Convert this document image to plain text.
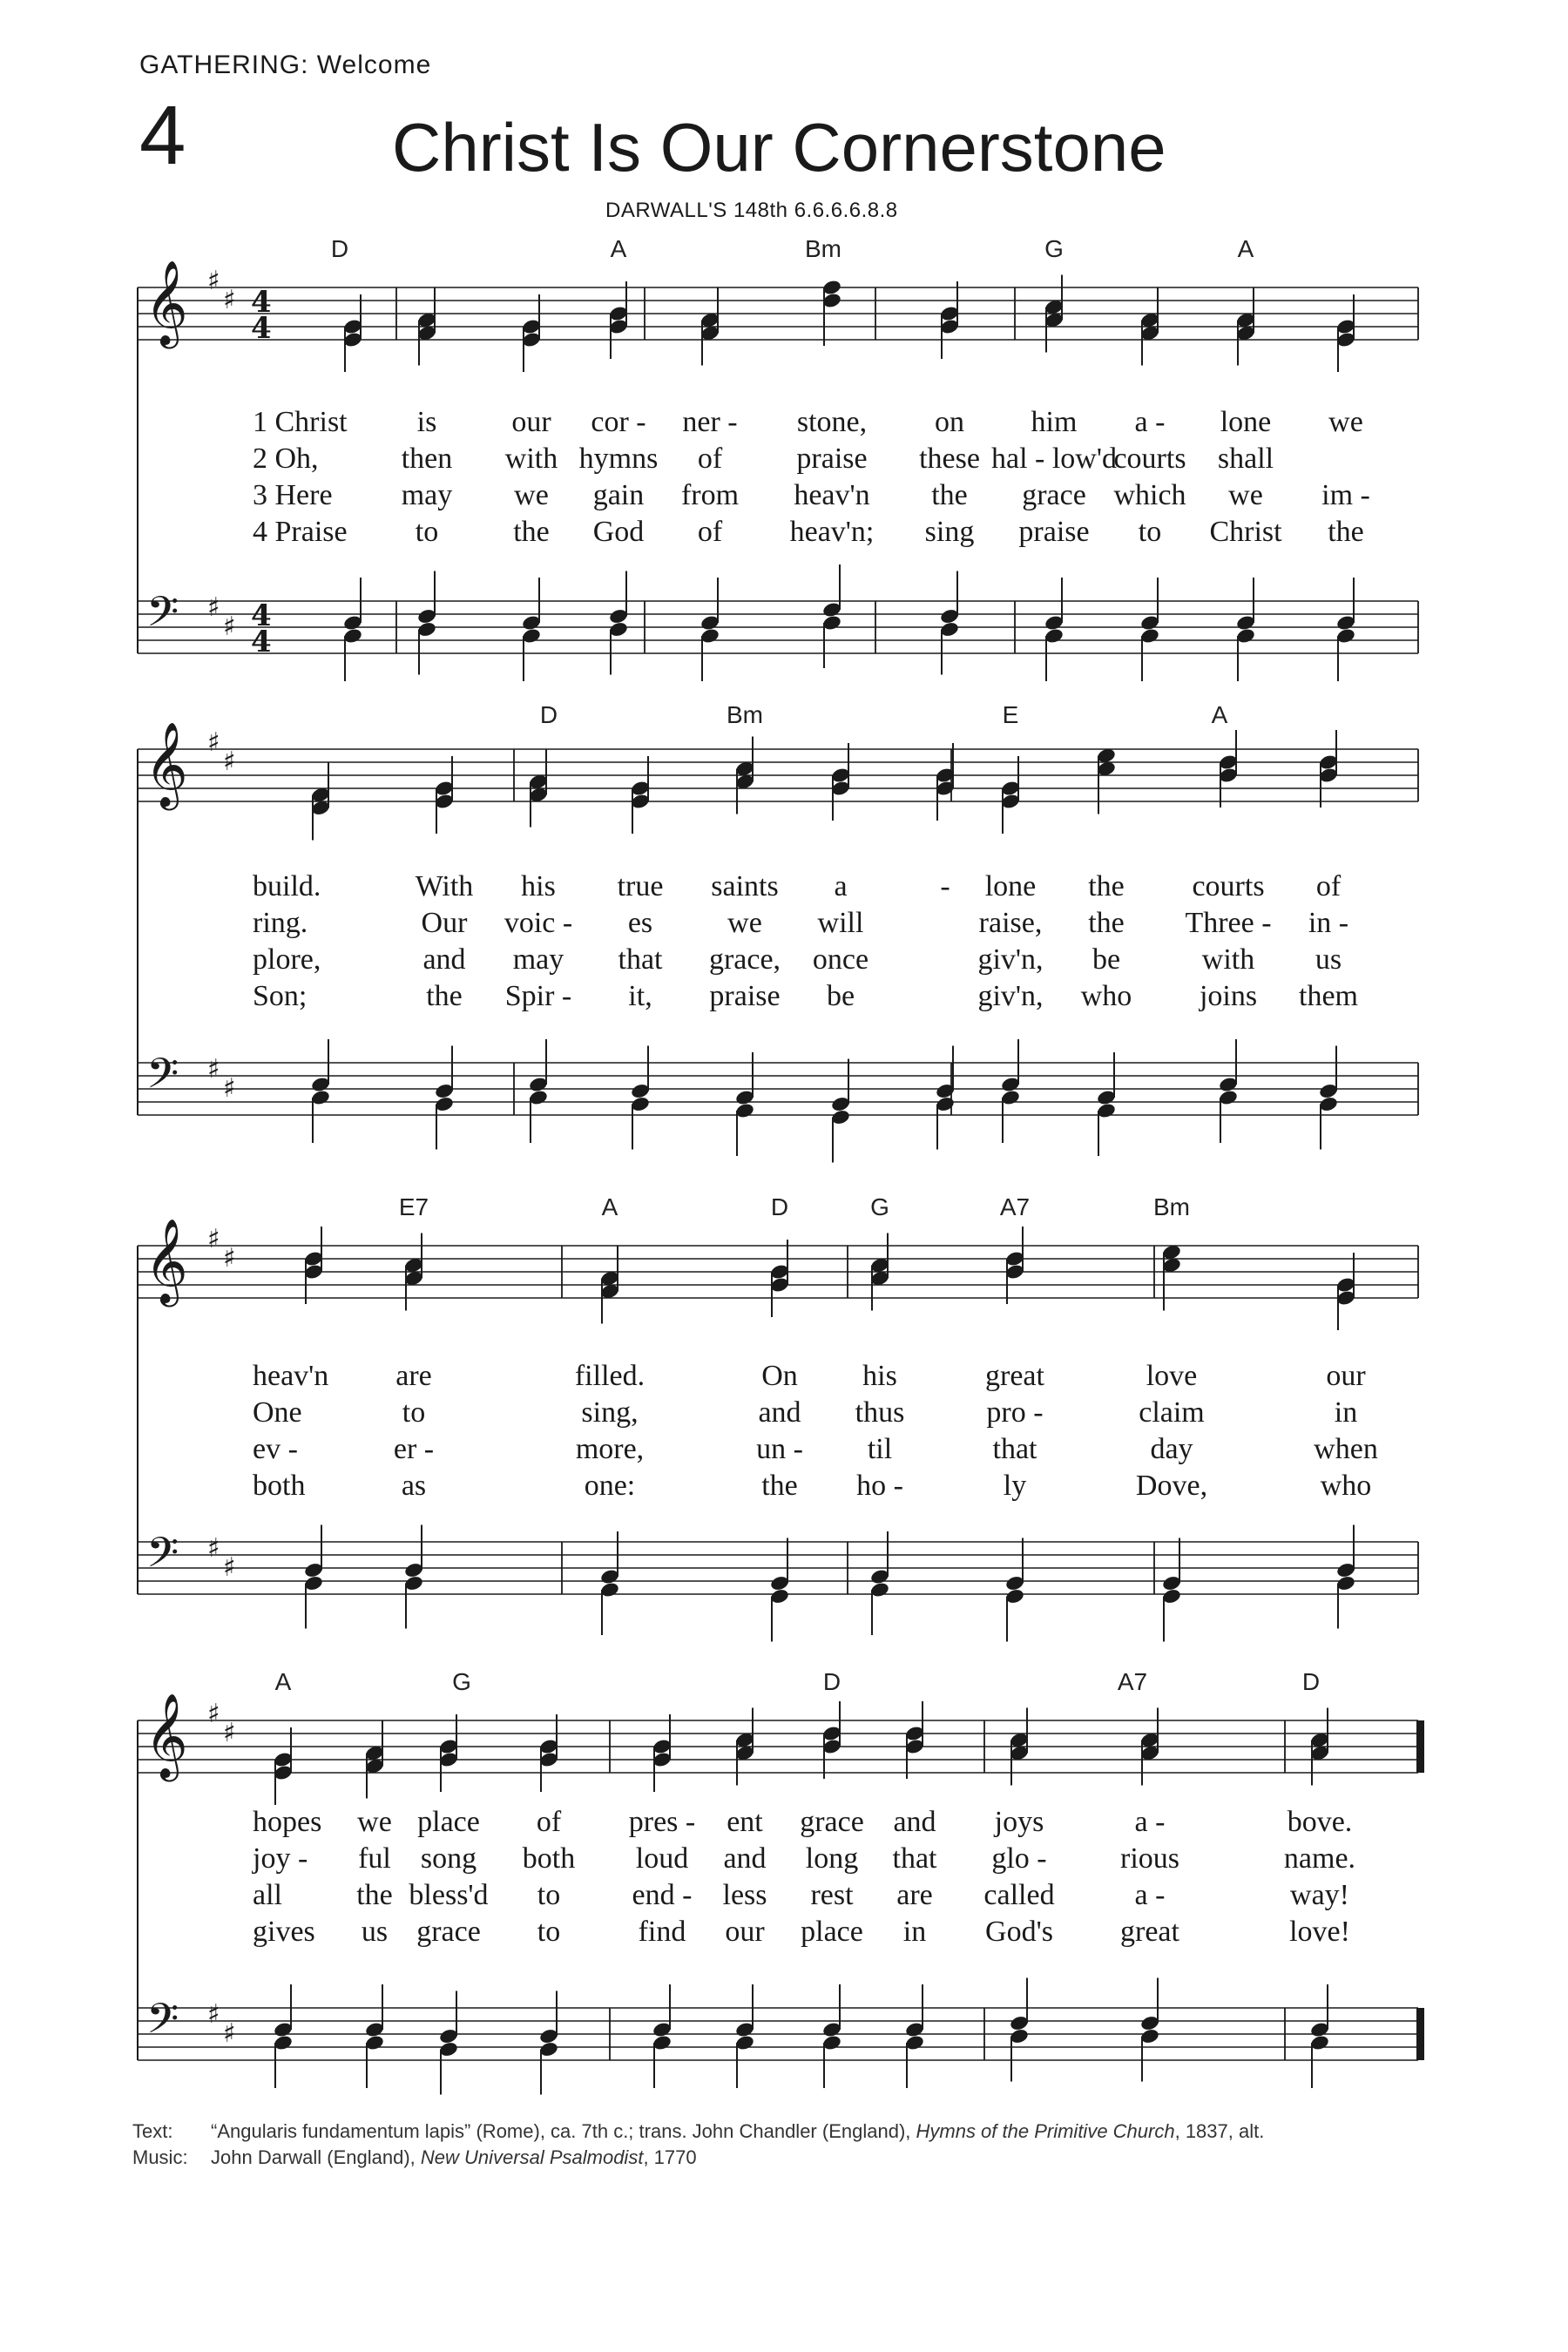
GATHERING: Welcome
4	Christ Is Our Cornerstone
DARWALL'S 148th 6.6.6.6.8.8
𝄞
𝄢
♯
♯
♯
♯
4
4
4
4
D	A	Bm	G	A
1 Christ is	our cor - ner - stone, on him a - lone we
2 Oh,	then with hymns of	praise these hal - low'd
courts shall
3 Here may we gain from heav'n the grace which we im -
4 Praise to	the God of heav'n; sing praise to Christ the
𝄞
𝄢
♯
♯
♯
♯
D	Bm	E	A
build.	With his true saints a	- lone the courts of
ring.	Our voic - es	we will	raise, the Three - in -
plore,	and may that grace, once	giv'n, be	with us
Son;	the Spir - it, praise be	giv'n, who joins them
𝄞
𝄢
♯
♯
♯
♯
E7	A	D	G	A7	Bm
heav'n are	filled.	On his	great	love	our
One	to	sing,	and thus	pro -	claim	in
ev -	er -	more,	un - til	that	day	when
both	as	one:	the ho -	ly	Dove,	who
𝄞
𝄢
♯
♯
♯
♯
A	G	D	A7	D
hopes we place of pres - ent grace and joys	a -	bove.
joy - ful song both loud and long that glo - rious	name.
all	the bless'd to end - less rest are called	a -	way!
gives us grace to	find our place in God's great	love!
Text: “Angularis fundamentum lapis” (Rome), ca. 7th c.; trans. John Chandler (England), Hymns of the Primitive Church, 1837, alt.
Music: John Darwall (England), New Universal Psalmodist, 1770
